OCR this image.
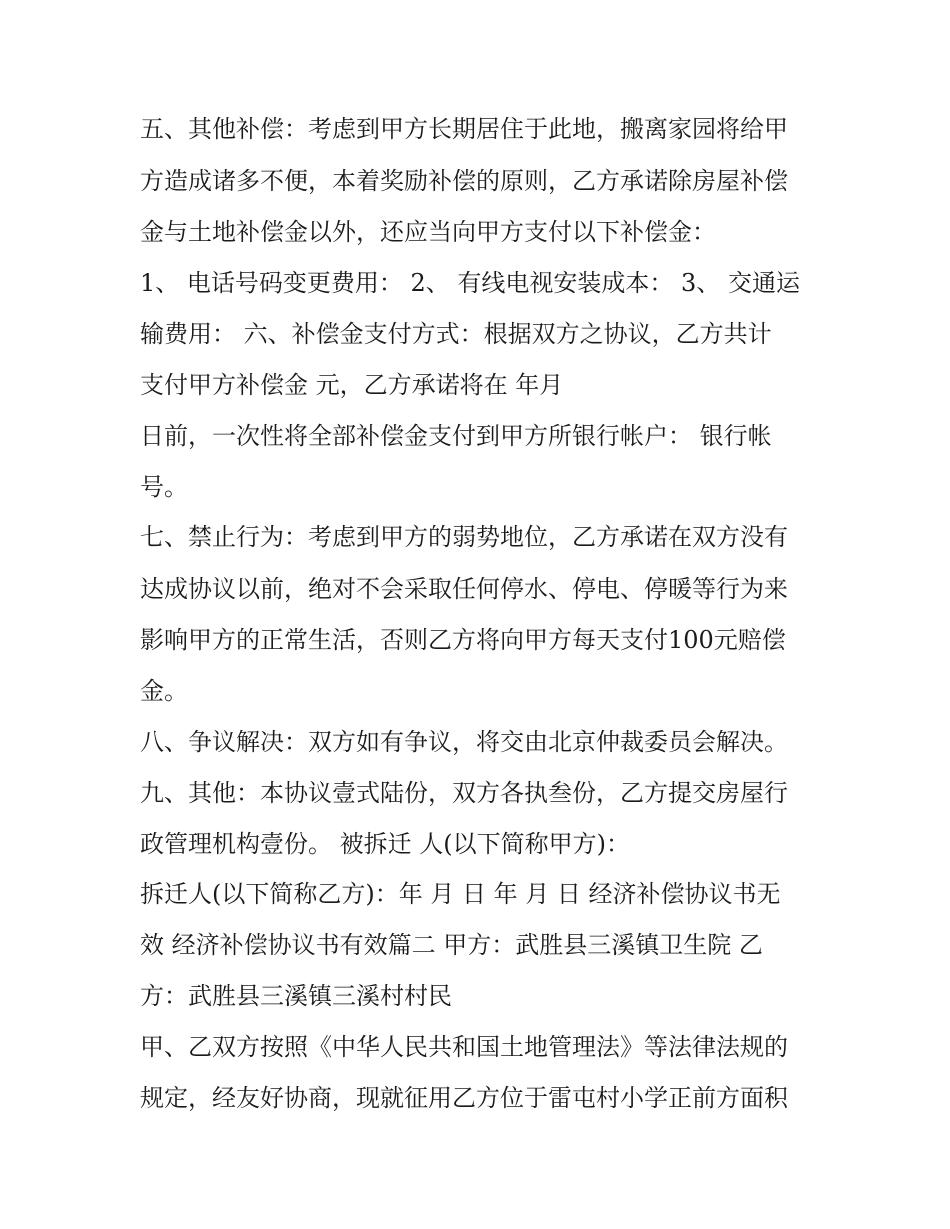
五、其他补偿：考虑到甲方长期居住于此地，搬离家园将给甲
方造成诸多不便，本着奖励补偿的原则，乙方承诺除房屋补偿
金与土地补偿金以外，还应当向甲方支付以下补偿金：
1、 电话号码变更费用： 2、 有线电视安装成本： 3、 交通运
输费用： 六、补偿金支付方式：根据双方之协议，乙方共计
支付甲方补偿金 元，乙方承诺将在 年月
日前，一次性将全部补偿金支付到甲方所银行帐户： 银行帐
号。
七、禁止行为：考虑到甲方的弱势地位，乙方承诺在双方没有
达成协议以前，绝对不会采取任何停水、停电、停暖等行为来
影响甲方的正常生活，否则乙方将向甲方每天支付100元赔偿
金。
八、争议解决：双方如有争议，将交由北京仲裁委员会解决。
九、其他：本协议壹式陆份，双方各执叁份，乙方提交房屋行
政管理机构壹份。 被拆迁 人(以下简称甲方)：
拆迁人(以下简称乙方)：年 月 日 年 月 日 经济补偿协议书无
效 经济补偿协议书有效篇二 甲方：武胜县三溪镇卫生院 乙
方：武胜县三溪镇三溪村村民
甲、乙双方按照《中华人民共和国土地管理法》等法律法规的
规定，经友好协商，现就征用乙方位于雷屯村小学正前方面积
